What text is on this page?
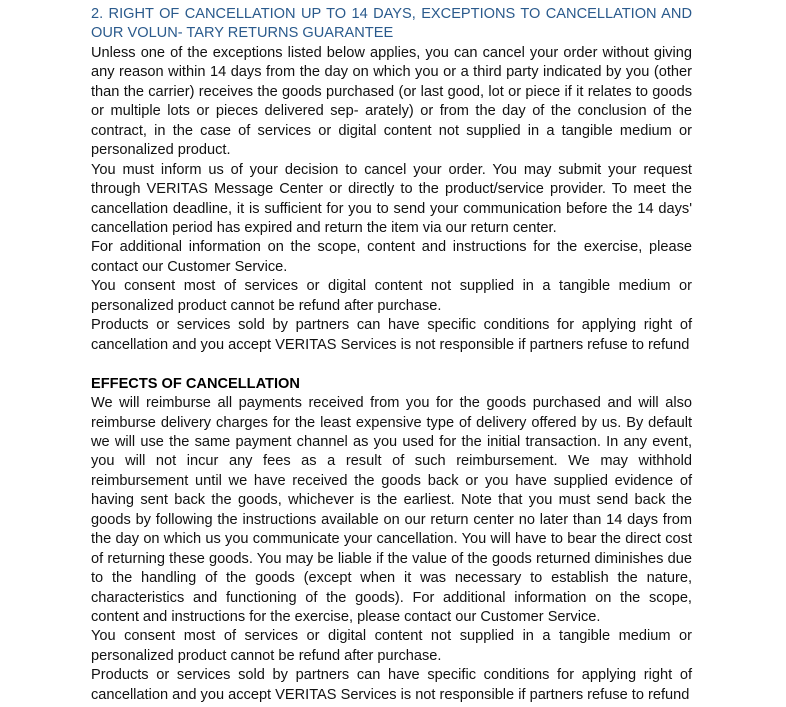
2. RIGHT OF CANCELLATION UP TO 14 DAYS, EXCEPTIONS TO CANCELLATION AND OUR VOLUN- TARY RETURNS GUARANTEE

Unless one of the exceptions listed below applies, you can cancel your order without giving any reason within 14 days from the day on which you or a third party indicated by you (other than the carrier) receives the goods purchased (or last good, lot or piece if it relates to goods or multiple lots or pieces delivered sep- arately) or from the day of the conclusion of the contract, in the case of services or digital content not supplied in a tangible medium or personalized product.

You must inform us of your decision to cancel your order. You may submit your request through VERITAS Message Center or directly to the product/service provider. To meet the cancellation deadline, it is sufficient for you to send your communication before the 14 days' cancellation period has expired and return the item via our return center.

For additional information on the scope, content and instructions for the exercise, please contact our Customer Service.

You consent most of services or digital content not supplied in a tangible medium or personalized product cannot be refund after purchase.

Products or services sold by partners can have specific conditions for applying right of cancellation and you accept VERITAS Services is not responsible if partners refuse to refund

EFFECTS OF CANCELLATION

We will reimburse all payments received from you for the goods purchased and will also reimburse delivery charges for the least expensive type of delivery offered by us. By default we will use the same payment channel as you used for the initial transaction. In any event, you will not incur any fees as a result of such reimbursement. We may withhold reimbursement until we have received the goods back or you have supplied evidence of having sent back the goods, whichever is the earliest. Note that you must send back the goods by following the instructions available on our return center no later than 14 days from the day on which us you communicate your cancellation. You will have to bear the direct cost of returning these goods. You may be liable if the value of the goods returned diminishes due to the handling of the goods (except when it was necessary to establish the nature, characteristics and functioning of the goods). For additional information on the scope, content and instructions for the exercise, please contact our Customer Service.

You consent most of services or digital content not supplied in a tangible medium or personalized product cannot be refund after purchase.

Products or services sold by partners can have specific conditions for applying right of cancellation and you accept VERITAS Services is not responsible if partners refuse to refund
